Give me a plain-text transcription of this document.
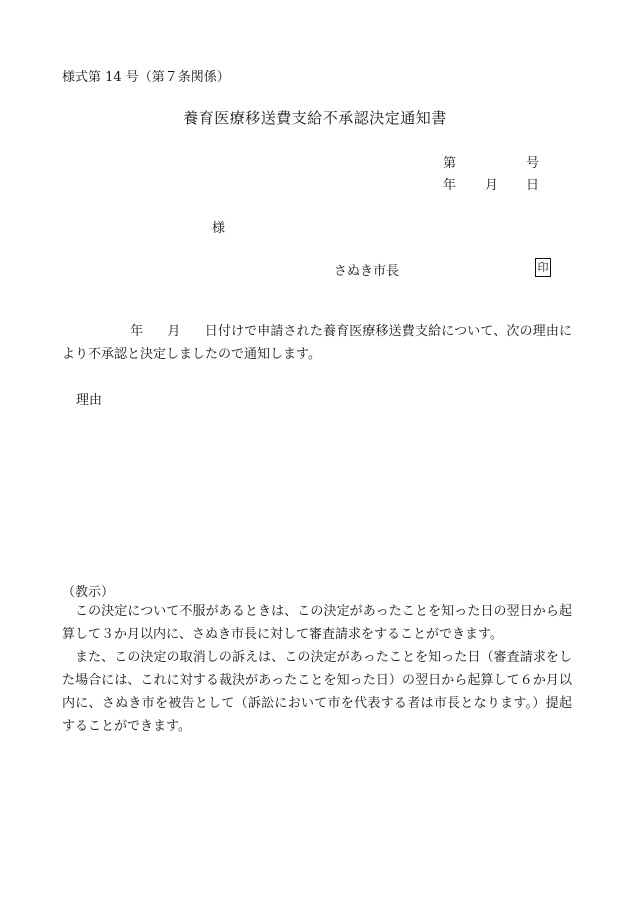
様式第 14 号（第７条関係）
養育医療移送費支給不承認決定通知書
第	号
年 月 日
様
さぬき市長	印
年 月 日付けで申請された養育医療移送費支給について、次の理由により不承認と決定しましたので通知します。
理由
（教示）
この決定について不服があるときは、この決定があったことを知った日の翌日から起算して３か月以内に、さぬき市長に対して審査請求をすることができます。
また、この決定の取消しの訴えは、この決定があったことを知った日（審査請求をした場合には、これに対する裁決があったことを知った日）の翌日から起算して６か月以内に、さぬき市を被告として（訴訟において市を代表する者は市長となります。）提起することができます。
